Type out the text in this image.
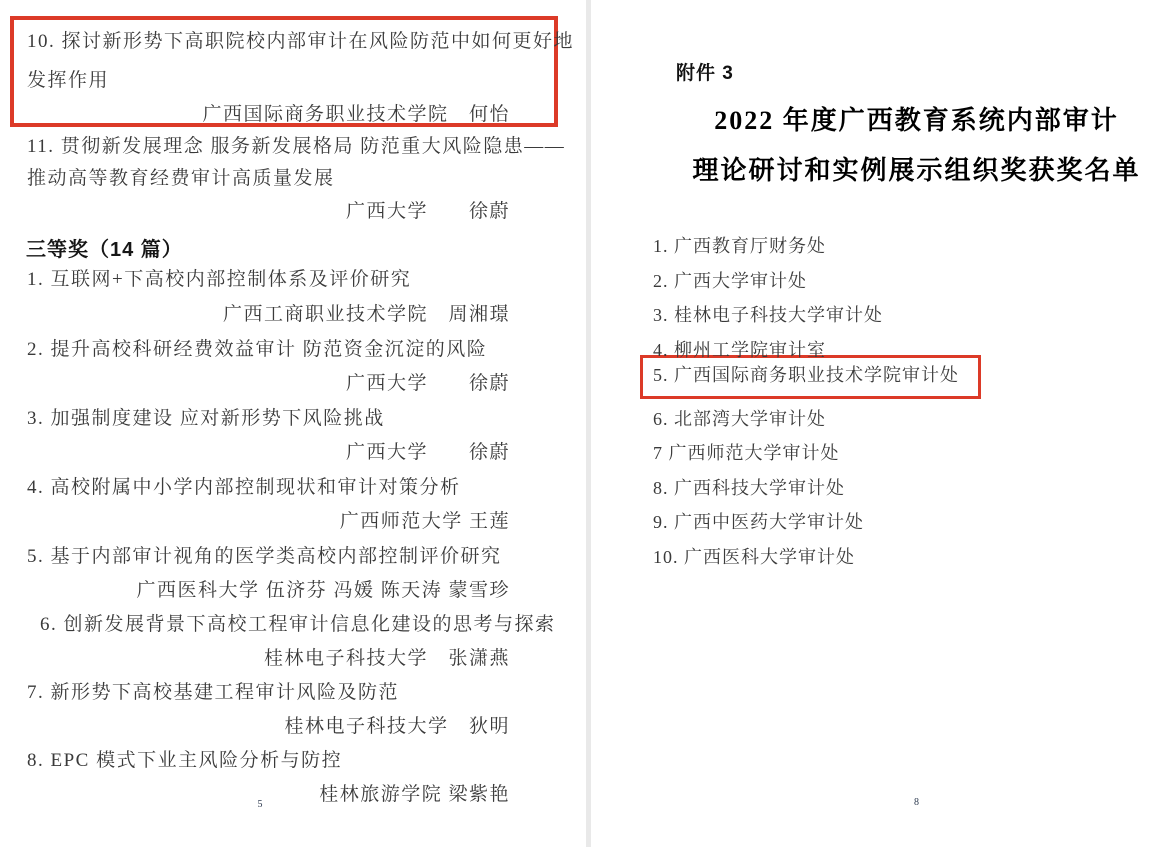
10. 探讨新形势下高职院校内部审计在风险防范中如何更好地
发挥作用
广西国际商务职业技术学院　何怡
11. 贯彻新发展理念 服务新发展格局 防范重大风险隐患——
推动高等教育经费审计高质量发展
广西大学　　徐蔚
三等奖（14 篇）
1. 互联网+下高校内部控制体系及评价研究
广西工商职业技术学院　周湘璟
2. 提升高校科研经费效益审计 防范资金沉淀的风险
广西大学　　徐蔚
3. 加强制度建设 应对新形势下风险挑战
广西大学　　徐蔚
4. 高校附属中小学内部控制现状和审计对策分析
广西师范大学 王莲
5. 基于内部审计视角的医学类高校内部控制评价研究
广西医科大学 伍济芬 冯媛 陈天涛 蒙雪珍
6. 创新发展背景下高校工程审计信息化建设的思考与探索
桂林电子科技大学　张潇燕
7. 新形势下高校基建工程审计风险及防范
桂林电子科技大学　狄明
8. EPC 模式下业主风险分析与防控
桂林旅游学院 梁紫艳
5
附件 3
2022 年度广西教育系统内部审计
理论研讨和实例展示组织奖获奖名单
1. 广西教育厅财务处
2. 广西大学审计处
3. 桂林电子科技大学审计处
4. 柳州工学院审计室
5. 广西国际商务职业技术学院审计处
6. 北部湾大学审计处
7 广西师范大学审计处
8. 广西科技大学审计处
9. 广西中医药大学审计处
10. 广西医科大学审计处
8
